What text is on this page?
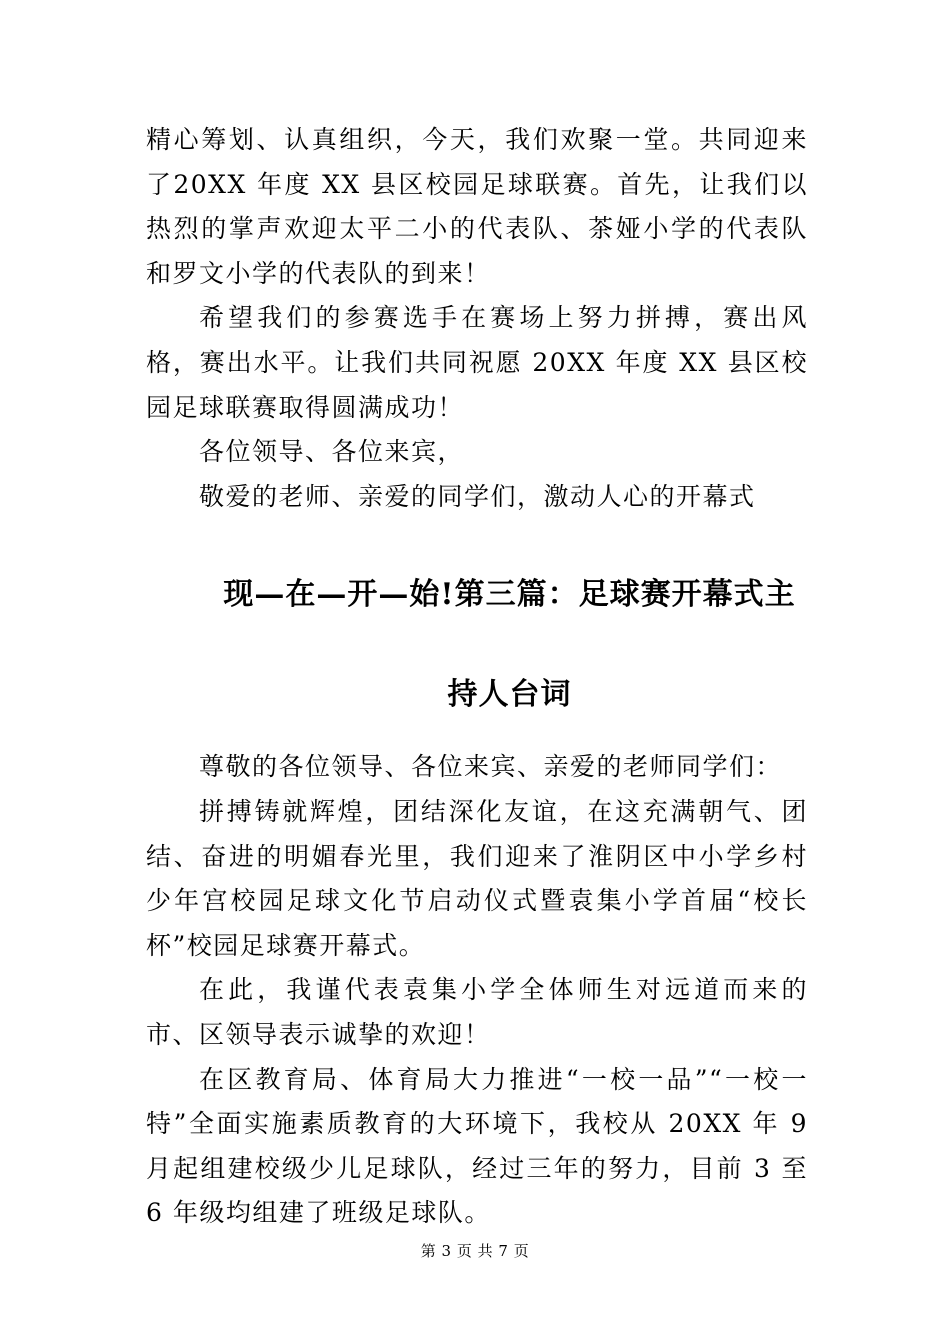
精心筹划、认真组织，今天，我们欢聚一堂。共同迎来了20XX 年度 XX 县区校园足球联赛。首先，让我们以热烈的掌声欢迎太平二小的代表队、茶娅小学的代表队和罗文小学的代表队的到来！

希望我们的参赛选手在赛场上努力拼搏，赛出风格，赛出水平。让我们共同祝愿 20XX 年度 XX 县区校园足球联赛取得圆满成功！

各位领导、各位来宾，

敬爱的老师、亲爱的同学们，激动人心的开幕式

现—在—开—始!第三篇：足球赛开幕式主
持人台词

尊敬的各位领导、各位来宾、亲爱的老师同学们：

拼搏铸就辉煌，团结深化友谊，在这充满朝气、团结、奋进的明媚春光里，我们迎来了淮阴区中小学乡村少年宫校园足球文化节启动仪式暨袁集小学首届“校长杯”校园足球赛开幕式。

在此，我谨代表袁集小学全体师生对远道而来的市、区领导表示诚挚的欢迎！

在区教育局、体育局大力推进“一校一品”“一校一特”全面实施素质教育的大环境下，我校从 20XX 年 9 月起组建校级少儿足球队，经过三年的努力，目前 3 至 6 年级均组建了班级足球队。

第 3 页 共 7 页
